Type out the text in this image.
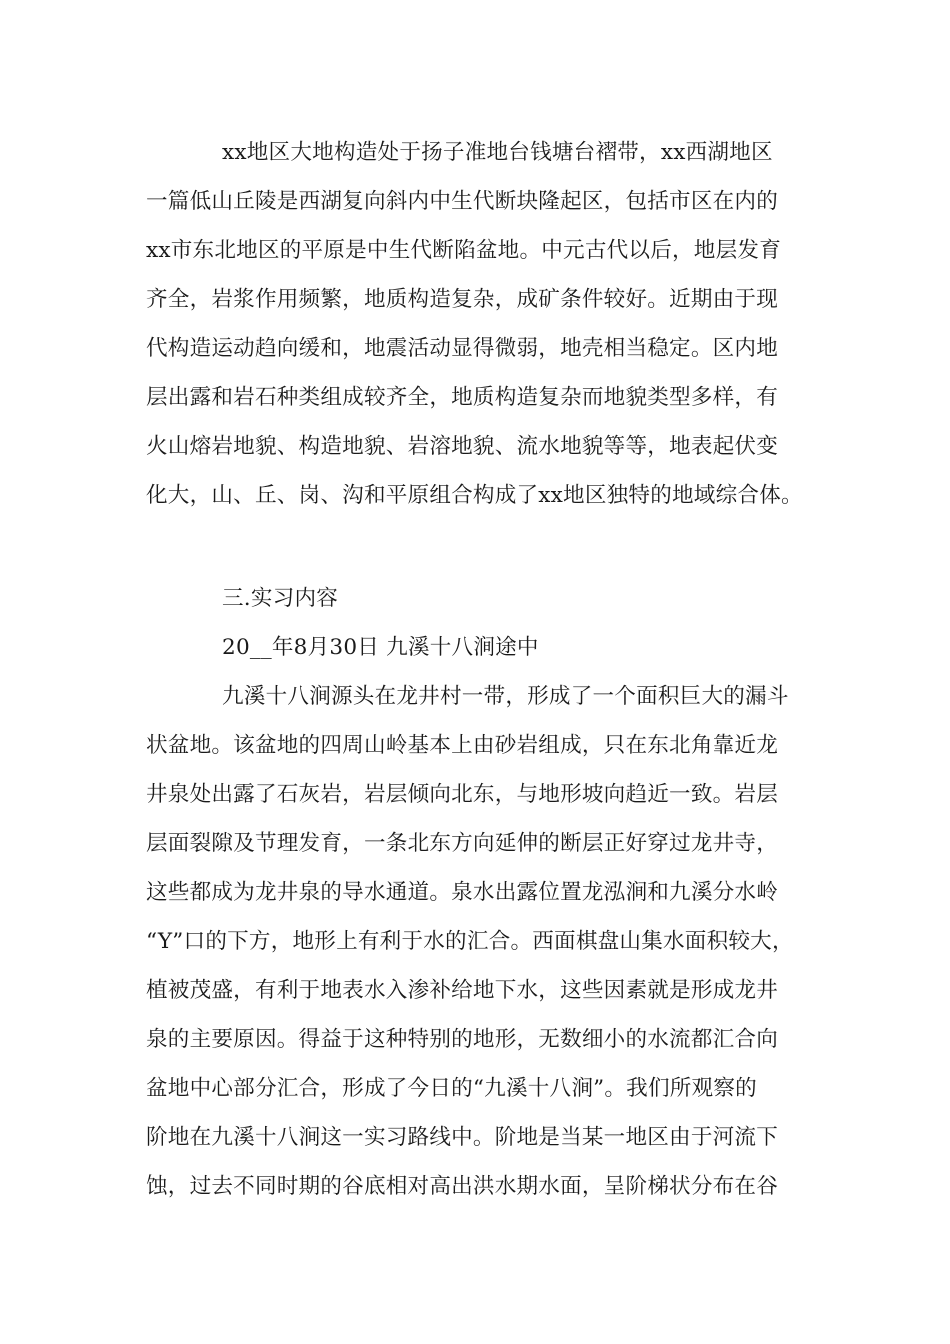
xx地区大地构造处于扬子准地台钱塘台褶带，xx西湖地区
一篇低山丘陵是西湖复向斜内中生代断块隆起区，包括市区在内的
xx市东北地区的平原是中生代断陷盆地。中元古代以后，地层发育
齐全，岩浆作用频繁，地质构造复杂，成矿条件较好。近期由于现
代构造运动趋向缓和，地震活动显得微弱，地壳相当稳定。区内地
层出露和岩石种类组成较齐全，地质构造复杂而地貌类型多样，有
火山熔岩地貌、构造地貌、岩溶地貌、流水地貌等等，地表起伏变
化大，山、丘、岗、沟和平原组合构成了xx地区独特的地域综合体。
三.实习内容
20__年8月30日 九溪十八涧途中
九溪十八涧源头在龙井村一带，形成了一个面积巨大的漏斗
状盆地。该盆地的四周山岭基本上由砂岩组成，只在东北角靠近龙
井泉处出露了石灰岩，岩层倾向北东，与地形坡向趋近一致。岩层
层面裂隙及节理发育，一条北东方向延伸的断层正好穿过龙井寺，
这些都成为龙井泉的导水通道。泉水出露位置龙泓涧和九溪分水岭
“Y”口的下方，地形上有利于水的汇合。西面棋盘山集水面积较大，
植被茂盛，有利于地表水入渗补给地下水，这些因素就是形成龙井
泉的主要原因。得益于这种特别的地形，无数细小的水流都汇合向
盆地中心部分汇合，形成了今日的“九溪十八涧”。我们所观察的
阶地在九溪十八涧这一实习路线中。阶地是当某一地区由于河流下
蚀，过去不同时期的谷底相对高出洪水期水面，呈阶梯状分布在谷
